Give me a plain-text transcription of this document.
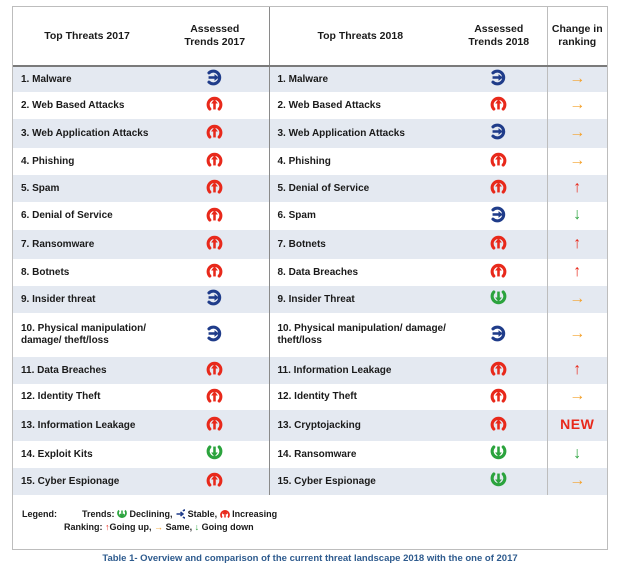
Top Threats 2017	Assessed Trends 2017	Top Threats 2018	Assessed Trends 2018	Change in ranking
1. Malware		1. Malware		→
2. Web Based Attacks		2. Web Based Attacks		→
3. Web Application Attacks		3. Web Application Attacks		→
4. Phishing		4. Phishing		→
5. Spam		5. Denial of Service		↑
6. Denial of Service		6. Spam		↓
7. Ransomware		7. Botnets		↑
8. Botnets		8. Data Breaches		↑
9. Insider threat		9. Insider Threat		→
10. Physical manipulation/ damage/ theft/loss		10. Physical manipulation/ damage/ theft/loss		→
11. Data Breaches		11. Information Leakage		↑
12. Identity Theft		12. Identity Theft		→
13. Information Leakage		13. Cryptojacking		NEW
14. Exploit Kits		14. Ransomware		↓
15. Cyber Espionage		15. Cyber Espionage		→
Legend:	Trends: Declining, Stable, Increasing
Ranking: ↑Going up, → Same, ↓ Going down
Table 1- Overview and comparison of the current threat landscape 2018 with the one of 2017
